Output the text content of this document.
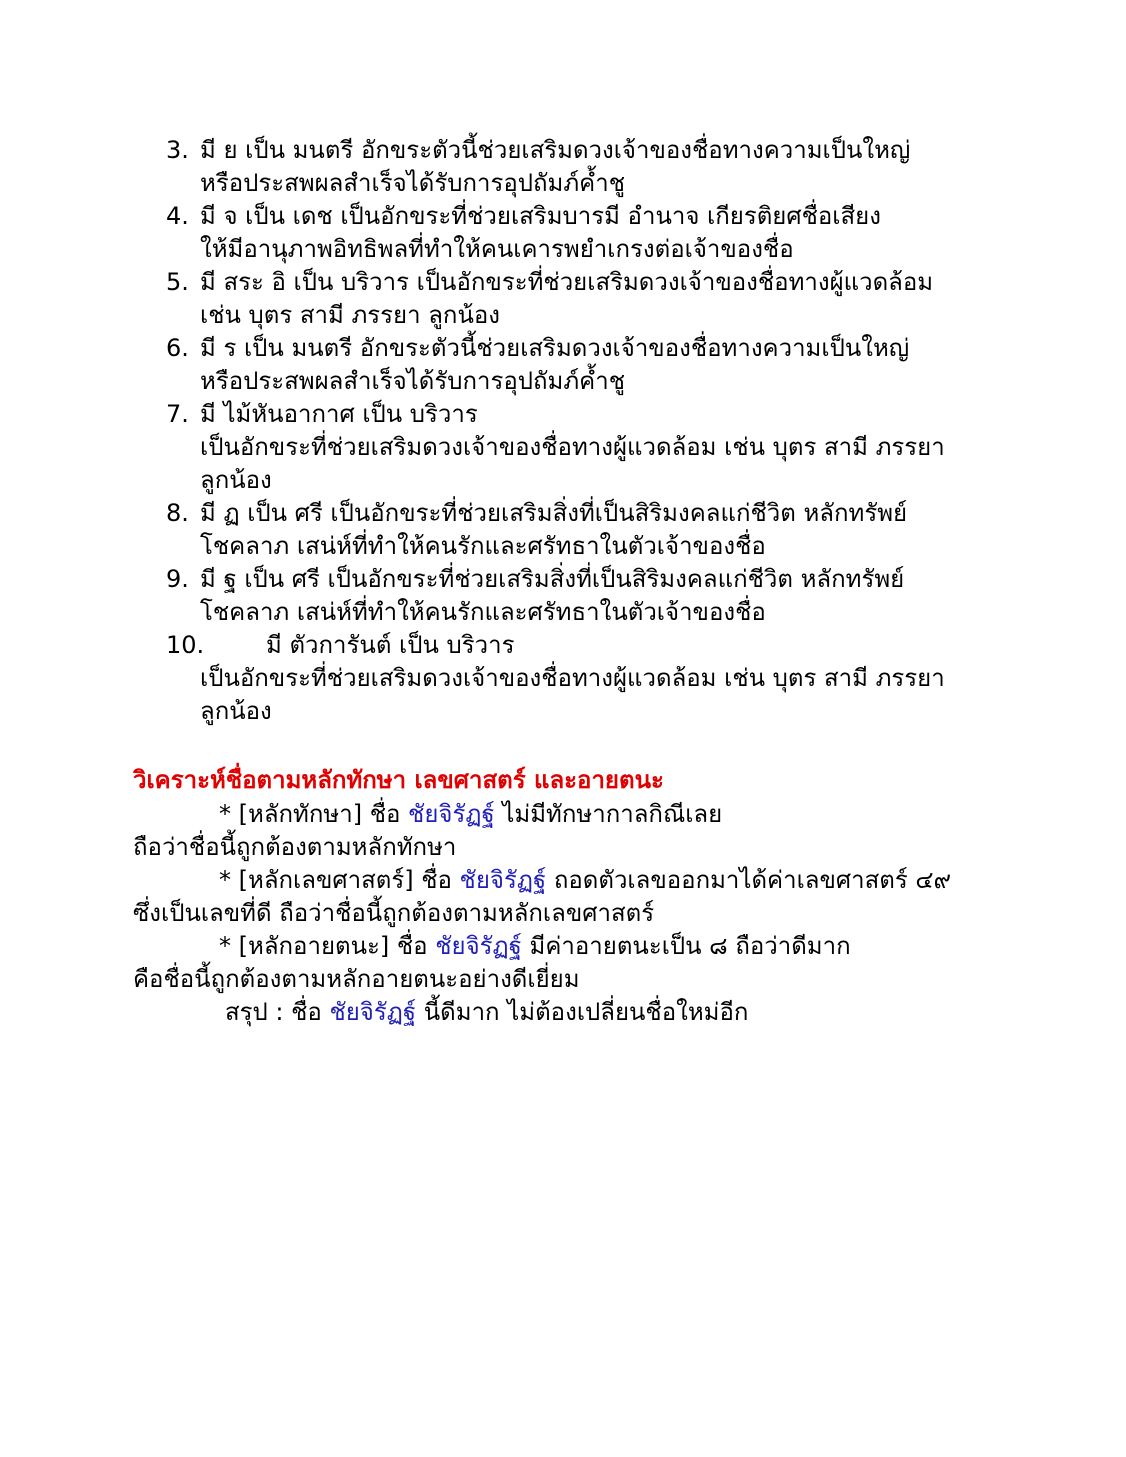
3. มี ย เป็น มนตรี อักขระตัวนี้ช่วยเสริมดวงเจ้าของชื่อทางความเป็นใหญ่
หรือประสพผลสำเร็จได้รับการอุปถัมภ์ค้ำชู
4. มี จ เป็น เดช เป็นอักขระที่ช่วยเสริมบารมี อำนาจ เกียรติยศชื่อเสียง
ให้มีอานุภาพอิทธิพลที่ทำให้คนเคารพยำเกรงต่อเจ้าของชื่อ
5. มี สระ อิ เป็น บริวาร เป็นอักขระที่ช่วยเสริมดวงเจ้าของชื่อทางผู้แวดล้อม
เช่น บุตร สามี ภรรยา ลูกน้อง
6. มี ร เป็น มนตรี อักขระตัวนี้ช่วยเสริมดวงเจ้าของชื่อทางความเป็นใหญ่
หรือประสพผลสำเร็จได้รับการอุปถัมภ์ค้ำชู
7. มี ไม้หันอากาศ เป็น บริวาร
เป็นอักขระที่ช่วยเสริมดวงเจ้าของชื่อทางผู้แวดล้อม เช่น บุตร สามี ภรรยา
ลูกน้อง
8. มี ฏ เป็น ศรี เป็นอักขระที่ช่วยเสริมสิ่งที่เป็นสิริมงคลแก่ชีวิต หลักทรัพย์
โชคลาภ เสน่ห์ที่ทำให้คนรักและศรัทธาในตัวเจ้าของชื่อ
9. มี ฐ เป็น ศรี เป็นอักขระที่ช่วยเสริมสิ่งที่เป็นสิริมงคลแก่ชีวิต หลักทรัพย์
โชคลาภ เสน่ห์ที่ทำให้คนรักและศรัทธาในตัวเจ้าของชื่อ
10.	มี ตัวการันต์ เป็น บริวาร
เป็นอักขระที่ช่วยเสริมดวงเจ้าของชื่อทางผู้แวดล้อม เช่น บุตร สามี ภรรยา
ลูกน้อง
วิเคราะห์ชื่อตามหลักทักษา เลขศาสตร์ และอายตนะ
* [หลักทักษา] ชื่อ ชัยจิรัฏฐ์ ไม่มีทักษากาลกิณีเลย
ถือว่าชื่อนี้ถูกต้องตามหลักทักษา
* [หลักเลขศาสตร์] ชื่อ ชัยจิรัฏฐ์ ถอดตัวเลขออกมาได้ค่าเลขศาสตร์ ๔๙
ซึ่งเป็นเลขที่ดี ถือว่าชื่อนี้ถูกต้องตามหลักเลขศาสตร์
* [หลักอายตนะ] ชื่อ ชัยจิรัฏฐ์ มีค่าอายตนะเป็น ๘ ถือว่าดีมาก
คือชื่อนี้ถูกต้องตามหลักอายตนะอย่างดีเยี่ยม
สรุป : ชื่อ ชัยจิรัฏฐ์ นี้ดีมาก ไม่ต้องเปลี่ยนชื่อใหม่อีก
